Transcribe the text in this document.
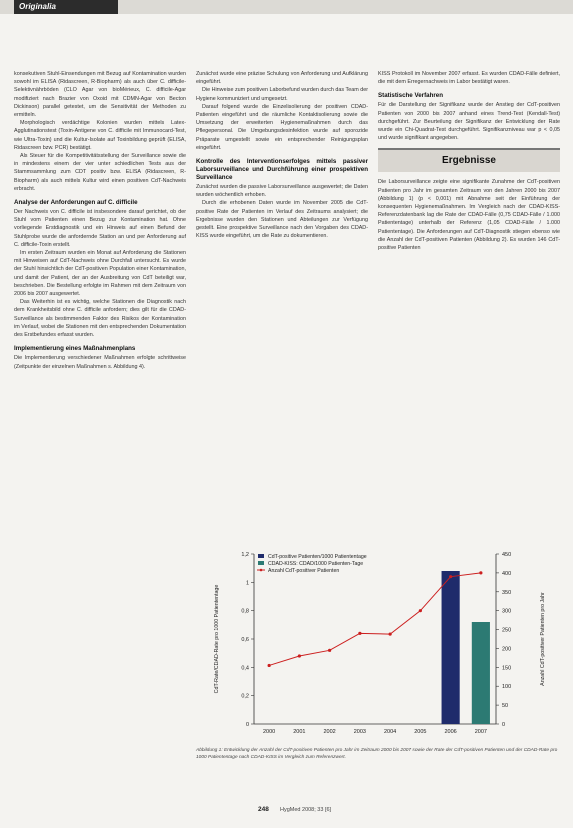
Originalia

konsekutiven Stuhl-Einsendungen mit Bezug auf Kontamination wurden sowohl im ELISA (Ridascreen, R-Biopharm) als auch über C. difficile-Selektivnährböden (CLO Agar von bioMérieux, C. difficile-Agar modifiziert nach Brazier von Oxoid mit CDMN-Agar von Becton Dickinson) parallel getestet, um die Sensitivität der Methoden zu ermitteln.

Morphologisch verdächtige Kolonien wurden mittels Latex-Agglutinationstest (Toxin-Antigene von C. difficile mit Immunocard-Test, wie Ultra-Toxin) und die Kultur-Isolate auf Toxinbildung geprüft (ELISA, Ridascreen bzw. PCR) bestätigt.

Als Steuer für die Kompetitivitätsstellung der Surveillance sowie die in mindestens einem der vier unter schiedlichen Tests aus der Stammsammlung zum CDT positiv bzw. ELISA (Ridascreen, R-Biopharm) als auch mittels Kultur wird einen positiven CdT-Nachweis erbracht.

Analyse der Anforderungen auf C. difficile

Der Nachweis von C. difficile ist insbesondere darauf gerichtet, ob der Stuhl vom Patienten einen Bezug zur Kontamination hat. Ohne vorliegende Erstdiagnostik und ein Hinweis auf einen Befund der Stuhlprobe wurde die anfordernde Station an und per Anforderung auf C. difficile-Toxin erstellt.

Im ersten Zeitraum wurden ein Monat auf Anforderung die Stationen mit Hinweisen auf CdT-Nachweis ohne Durchfall untersucht. Es wurde der Stuhl hinsichtlich der CdT-positiven Population einer Kontamination, und damit der Patient, der an der Ausbreitung von CdT beteiligt war, beschrieben. Die Bestellung erfolgte im Rahmen mit dem Zeitraum von 2006 bis 2007 ausgewertet.

Das Weiterhin ist es wichtig, welche Stationen die Diagnostik nach dem Krankheitsbild ohne C. difficile anfordern; dies gilt für die CDAD-Surveillance als bestimmenden Faktor des Risikos der Kontamination im Verlauf, wobei die Stationen mit den entsprechenden Dokumentation des Erstbefundes erfasst wurden.

Implementierung eines Maßnahmenplans

Die Implementierung verschiedener Maßnahmen erfolgte schrittweise (Zeitpunkte der einzelnen Maßnahmen s. Abbildung 4).

Zunächst wurde eine präzise Schulung von Anforderung und Aufklärung eingeführt.

Die Hinweise zum positiven Laborbefund wurden durch das Team der Hygiene kommuniziert und umgesetzt.

Darauf folgend wurde die Einzelisolierung der positiven CDAD-Patienten eingeführt und die räumliche Kontaktisolierung sowie die Umsetzung der erweiterten Hygienemaßnahmen durch das Pflegepersonal. Die Umgebungsdesinfektion wurde auf sporozide Präparate umgestellt sowie ein entsprechender Reinigungsplan eingeführt.

Kontrolle des Interventionserfolges mittels passiver Laborsurveillance und Durchführung einer prospektiven Surveillance

Zunächst wurden die passive Laborsurveillance ausgewertet; die Daten wurden wöchentlich erhoben.

Durch die erhobenen Daten wurde im November 2005 die CdT-positive Rate der Patienten im Verlauf des Zeitraums analysiert; die Ergebnisse wurden den Stationen und Abteilungen zur Verfügung gestellt. Eine prospektive Surveillance nach den Vorgaben des CDAD-KISS wurde eingeführt, um die Rate zu dokumentieren.

KISS Protokoll im November 2007 erfasst. Es wurden CDAD-Fälle definiert, die mit dem Erregernachweis im Labor bestätigt waren.

Statistische Verfahren

Für die Darstellung der Signifikanz wurde der Anstieg der CdT-positiven Patienten von 2000 bis 2007 anhand eines Trend-Test (Kendall-Test) durchgeführt. Zur Beurteilung der Signifikanz der Entwicklung der Rate wurde ein Chi-Quadrat-Test durchgeführt. Signifikanzniveau war p < 0,05 und wurde signifikant angegeben.

Ergebnisse

Die Laborsurveillance zeigte eine signifikante Zunahme der CdT-positiven Patienten pro Jahr im gesamten Zeitraum von den Jahren 2000 bis 2007 (Abbildung 1) (p < 0,001) mit Abnahme seit der Einführung der konsequenten Hygienemaßnahmen. Im Vergleich nach der CDAD-KISS-Referenzdatenbank lag die Rate der CDAD-Fälle (0,75 CDAD-Fälle / 1.000 Patiententage) unterhalb der Referenz (1,05 CDAD-Fälle / 1.000 Patiententage). Die Anforderungen auf CdT-Diagnostik stiegen ebenso wie die Anzahl der CdT-positiven Patienten (Abbildung 2). Es wurden 146 CdT-positive Patienten

0
0,2
0,4
0,6
0,8
1
1,2
0
50
100
150
200
250
300
350
400
450
2000	2001	2002	2003	2004	2005	2006	2007
CdT-Rate/CDAD-Rate pro 1000 Patiententage	Anzahl CdT-positiver Patienten pro Jahr
CdT-positive Patienten/1000 Patiententage
CDAD-KISS: CDAD/1000 Patienten-Tage
Anzahl CdT-positiver Patienten
Abbildung 1: Entwicklung der Anzahl der CdT-positiven Patienten pro Jahr im Zeitraum 2000 bis 2007 sowie der Rate der CdT-positiven Patienten und der CDAD-Rate pro 1000 Patiententage nach CDAD-KISS im Vergleich zum Referenzwert.
248 HygMed 2008; 33 [6]
